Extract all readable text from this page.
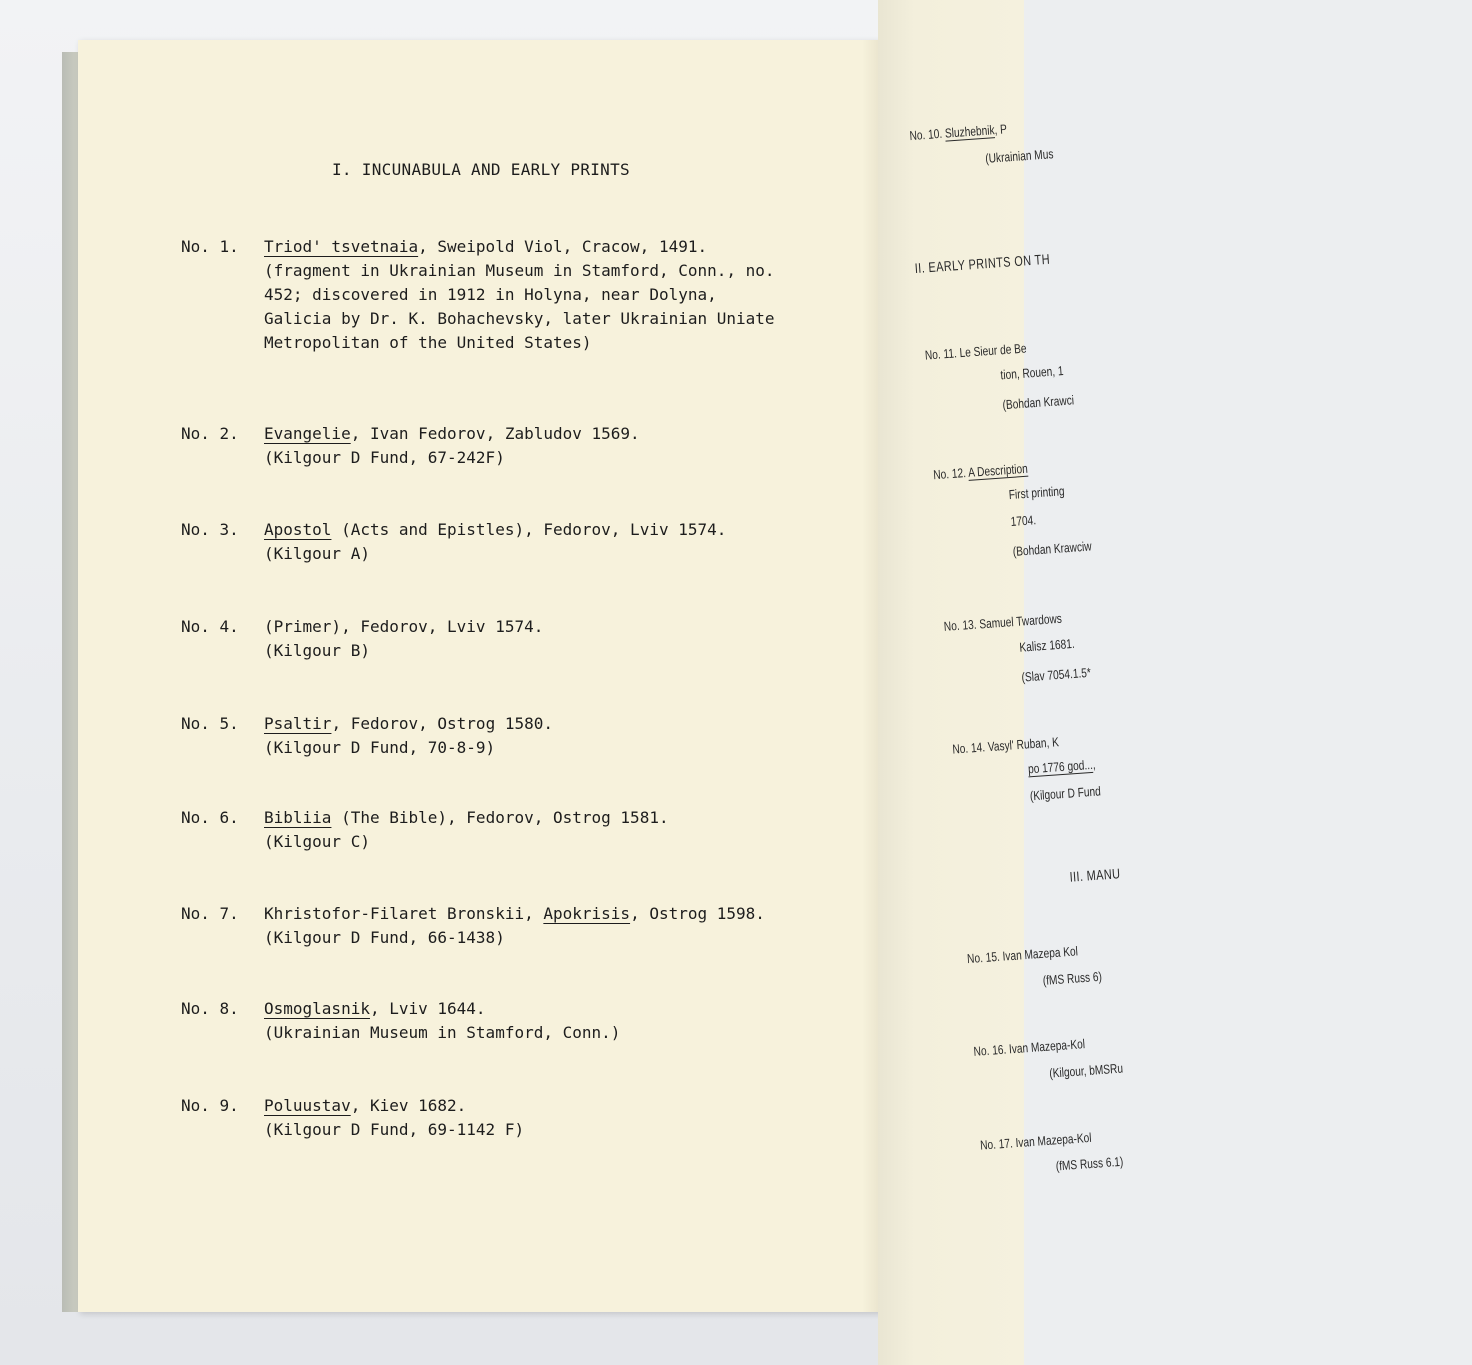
I. INCUNABULA AND EARLY PRINTS
No. 1. Triod' tsvetnaia, Sweipold Viol, Cracow, 1491.
(fragment in Ukrainian Museum in Stamford, Conn., no.
452; discovered in 1912 in Holyna, near Dolyna,
Galicia by Dr. K. Bohachevsky, later Ukrainian Uniate
Metropolitan of the United States)
No. 2. Evangelie, Ivan Fedorov, Zabludov 1569.
(Kilgour D Fund, 67-242F)
No. 3. Apostol (Acts and Epistles), Fedorov, Lviv 1574.
(Kilgour A)
No. 4. (Primer), Fedorov, Lviv 1574.
(Kilgour B)
No. 5. Psaltir, Fedorov, Ostrog 1580.
(Kilgour D Fund, 70-8-9)
No. 6. Bibliia (The Bible), Fedorov, Ostrog 1581.
(Kilgour C)
No. 7. Khristofor-Filaret Bronskii, Apokrisis, Ostrog 1598.
(Kilgour D Fund, 66-1438)
No. 8. Osmoglasnik, Lviv 1644.
(Ukrainian Museum in Stamford, Conn.)
No. 9. Poluustav, Kiev 1682.
(Kilgour D Fund, 69-1142 F)
No. 10. Sluzhebnik, P
(Ukrainian Mus
II. EARLY PRINTS ON TH
No. 11. Le Sieur de Be
tion, Rouen, 1
(Bohdan Krawci
No. 12. A Description
First printing
1704.
(Bohdan Krawciw
No. 13. Samuel Twardows
Kalisz 1681.
(Slav 7054.1.5*
No. 14. Vasyl' Ruban, K
po 1776 god...,
(Kilgour D Fund
III. MANU
No. 15. Ivan Mazepa Kol
(fMS Russ 6)
No. 16. Ivan Mazepa-Kol
(Kilgour, bMSRu
No. 17. Ivan Mazepa-Kol
(fMS Russ 6.1)
